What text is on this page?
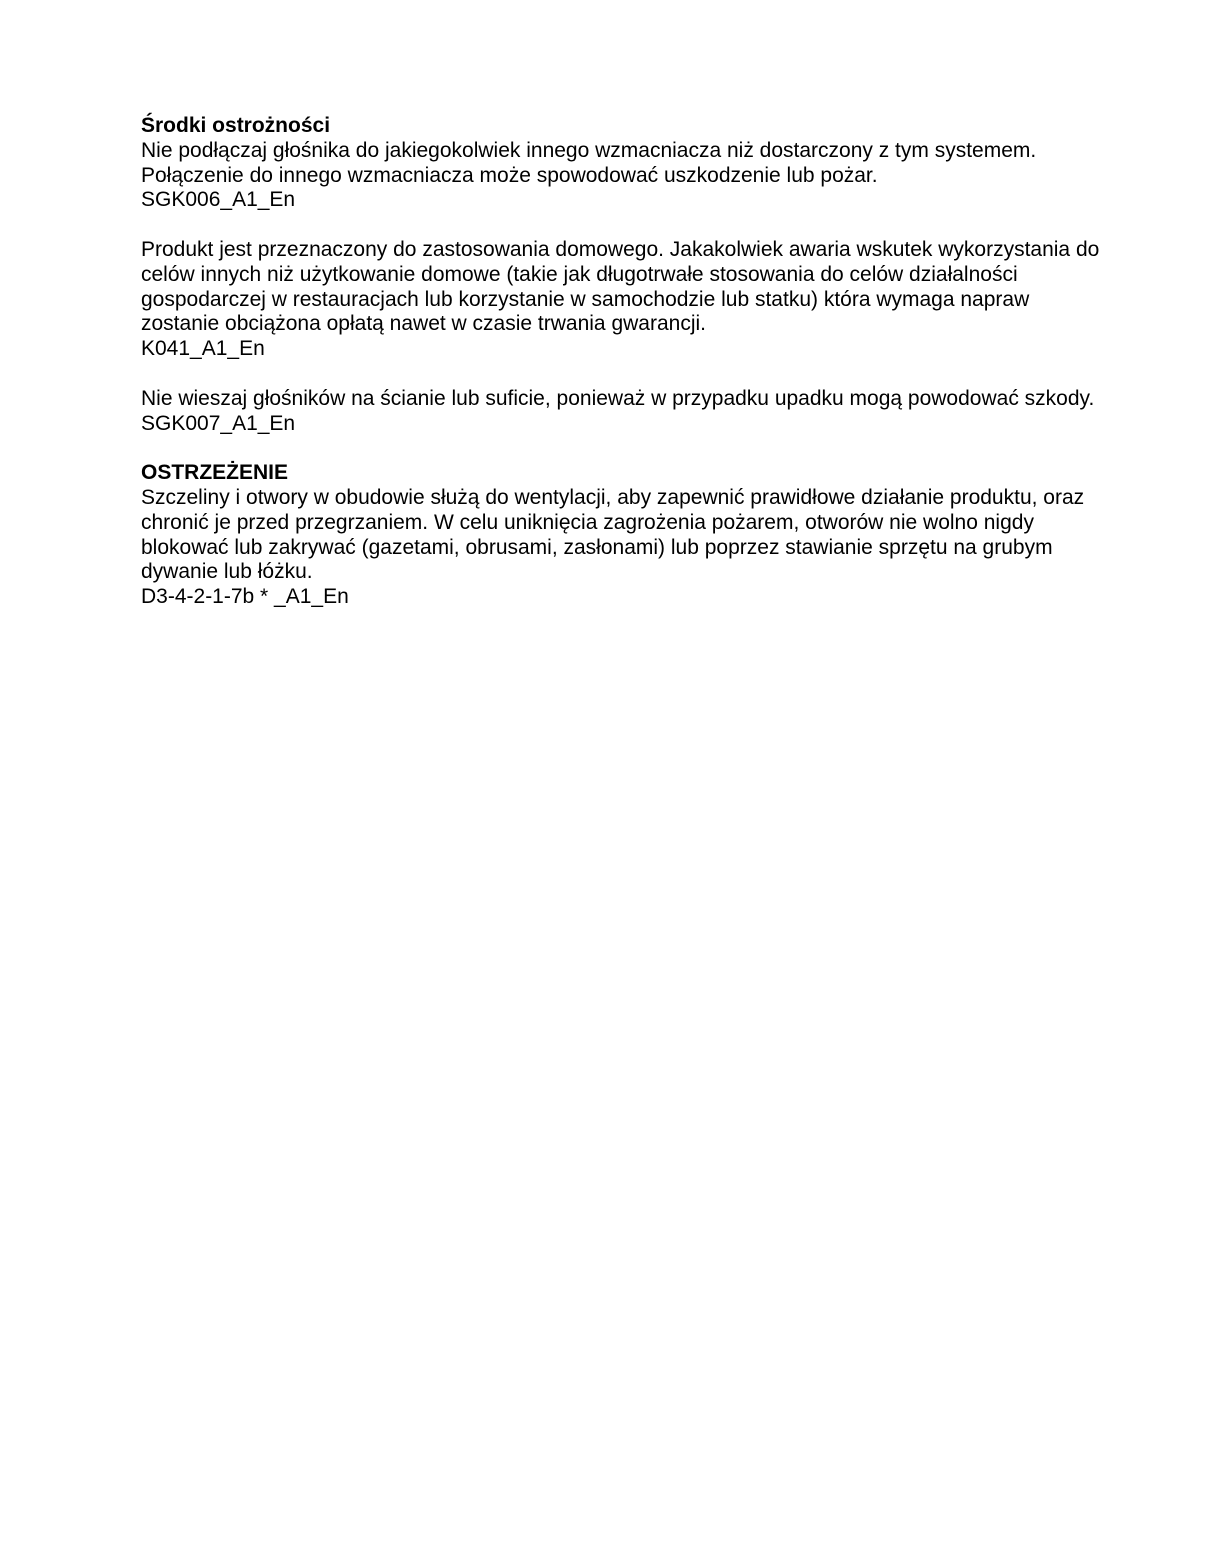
Środki ostrożności

Nie podłączaj głośnika do jakiegokolwiek innego wzmacniacza niż dostarczony z tym systemem. Połączenie do innego wzmacniacza może spowodować uszkodzenie lub pożar.

SGK006_A1_En

Produkt jest przeznaczony do zastosowania domowego. Jakakolwiek awaria wskutek wykorzystania do celów innych niż użytkowanie domowe (takie jak długotrwałe stosowania do celów działalności gospodarczej w restauracjach lub korzystanie w samochodzie lub statku) która wymaga napraw zostanie obciążona opłatą nawet w czasie trwania gwarancji.

K041_A1_En

Nie wieszaj głośników na ścianie lub suficie, ponieważ w przypadku upadku mogą powodować szkody.

SGK007_A1_En
OSTRZEŻENIE

Szczeliny i otwory w obudowie służą do wentylacji, aby zapewnić prawidłowe działanie produktu, oraz chronić je przed przegrzaniem. W celu uniknięcia zagrożenia pożarem, otworów nie wolno nigdy blokować lub zakrywać (gazetami, obrusami, zasłonami) lub poprzez stawianie sprzętu na grubym dywanie lub łóżku.

D3-4-2-1-7b * _A1_En
